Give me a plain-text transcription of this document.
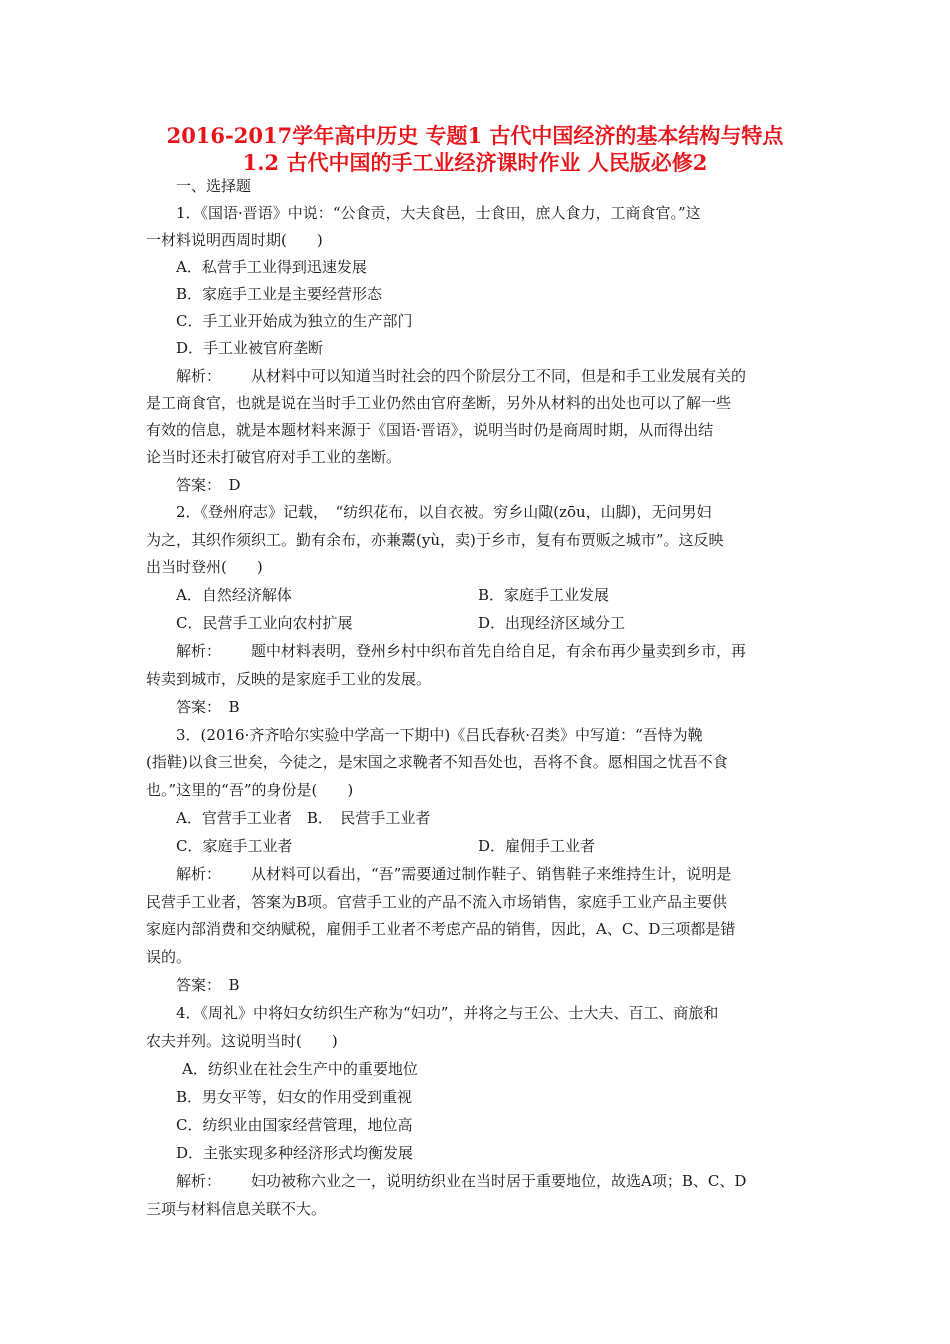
2016-2017学年高中历史 专题1 古代中国经济的基本结构与特点
1.2 古代中国的手工业经济课时作业 人民版必修2
一、选择题
1．《国语·晋语》中说：“公食贡，大夫食邑，士食田，庶人食力，工商食官。”这
一材料说明西周时期(　　)
A．私营手工业得到迅速发展
B．家庭手工业是主要经营形态
C．手工业开始成为独立的生产部门
D．手工业被官府垄断
解析： 从材料中可以知道当时社会的四个阶层分工不同，但是和手工业发展有关的
是工商食官，也就是说在当时手工业仍然由官府垄断，另外从材料的出处也可以了解一些
有效的信息，就是本题材料来源于《国语·晋语》，说明当时仍是商周时期，从而得出结
论当时还未打破官府对手工业的垄断。
答案：　D
2．《登州府志》记载，　“纺织花布，以自衣被。穷乡山陬(zōu，山脚)，无问男妇
为之，其织作须织工。勤有余布，亦兼鬻(yù，卖)于乡市，复有布贾贩之城市”。这反映
出当时登州(　　)
A．自然经济解体	B．家庭手工业发展
C．民营手工业向农村扩展	D．出现经济区域分工
解析： 题中材料表明，登州乡村中织布首先自给自足，有余布再少量卖到乡市，再
转卖到城市，反映的是家庭手工业的发展。
答案：　B
3．(2016·齐齐哈尔实验中学高一下期中)《吕氏春秋·召类》中写道：“吾恃为鞔
(指鞋)以食三世矣，今徒之，是宋国之求鞔者不知吾处也，吾将不食。愿相国之忧吾不食
也。”这里的“吾”的身份是(　　)
A．官营手工业者　B．　民营手工业者
C．家庭手工业者	D．雇佣手工业者
解析： 从材料可以看出，“吾”需要通过制作鞋子、销售鞋子来维持生计，说明是
民营手工业者，答案为B项。官营手工业的产品不流入市场销售，家庭手工业产品主要供
家庭内部消费和交纳赋税，雇佣手工业者不考虑产品的销售，因此，A、C、D三项都是错
误的。
答案：　B
4．《周礼》中将妇女纺织生产称为“妇功”，并将之与王公、士大夫、百工、商旅和
农夫并列。这说明当时(　　)
A．纺织业在社会生产中的重要地位
B．男女平等，妇女的作用受到重视
C．纺织业由国家经营管理，地位高
D．主张实现多种经济形式均衡发展
解析： 妇功被称六业之一，说明纺织业在当时居于重要地位，故选A项；B、C、D
三项与材料信息关联不大。
